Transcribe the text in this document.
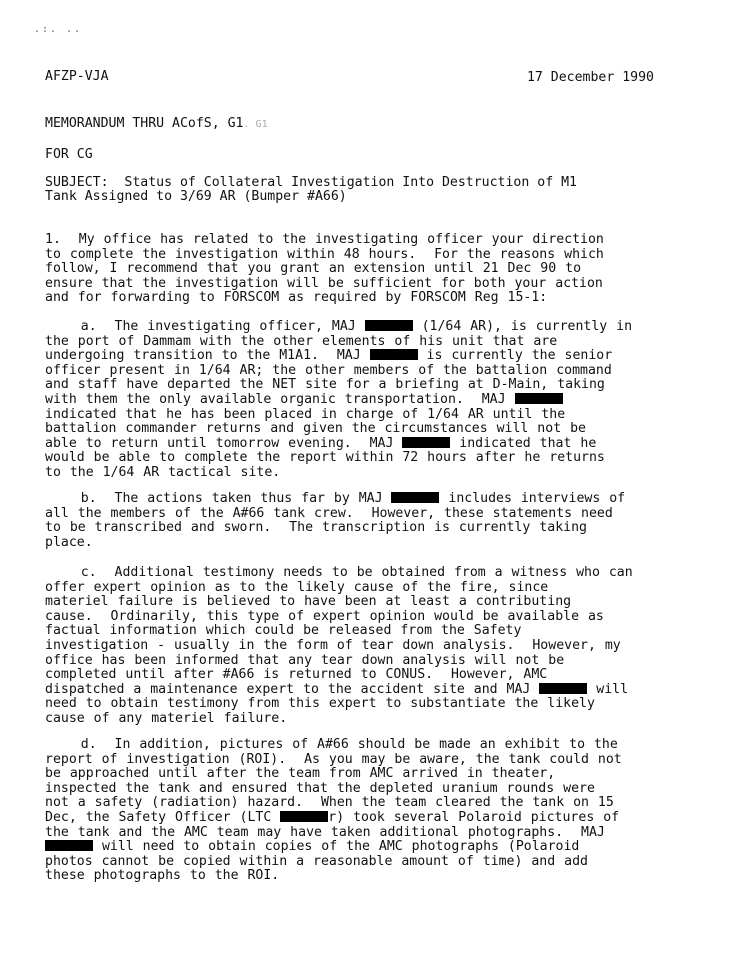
.:. ..
AFZP-VJA	17 December 1990
MEMORANDUM THRU ACofS, G1. G1
FOR CG
SUBJECT:  Status of Collateral Investigation Into Destruction of M1
Tank Assigned to 3/69 AR (Bumper #A66)
1.  My office has related to the investigating officer your direction
to complete the investigation within 48 hours.  For the reasons which
follow, I recommend that you grant an extension until 21 Dec 90 to
ensure that the investigation will be sufficient for both your action
and for forwarding to FORSCOM as required by FORSCOM Reg 15-1:
a.  The investigating officer, MAJ	(1/64 AR), is currently in
the port of Dammam with the other elements of his unit that are
undergoing transition to the M1A1.  MAJ	is currently the senior
officer present in 1/64 AR; the other members of the battalion command
and staff have departed the NET site for a briefing at D-Main, taking
with them the only available organic transportation.  MAJ
indicated that he has been placed in charge of 1/64 AR until the
battalion commander returns and given the circumstances will not be
able to return until tomorrow evening.  MAJ	indicated that he
would be able to complete the report within 72 hours after he returns
to the 1/64 AR tactical site.
b.  The actions taken thus far by MAJ	includes interviews of
all the members of the A#66 tank crew.  However, these statements need
to be transcribed and sworn.  The transcription is currently taking
place.
c.  Additional testimony needs to be obtained from a witness who can
offer expert opinion as to the likely cause of the fire, since
materiel failure is believed to have been at least a contributing
cause.  Ordinarily, this type of expert opinion would be available as
factual information which could be released from the Safety
investigation - usually in the form of tear down analysis.  However, my
office has been informed that any tear down analysis will not be
completed until after #A66 is returned to CONUS.  However, AMC
dispatched a maintenance expert to the accident site and MAJ	will
need to obtain testimony from this expert to substantiate the likely
cause of any materiel failure.
d.  In addition, pictures of A#66 should be made an exhibit to the
report of investigation (ROI).  As you may be aware, the tank could not
be approached until after the team from AMC arrived in theater,
inspected the tank and ensured that the depleted uranium rounds were
not a safety (radiation) hazard.  When the team cleared the tank on 15
Dec, the Safety Officer (LTC	r) took several Polaroid pictures of
the tank and the AMC team may have taken additional photographs.  MAJ
will need to obtain copies of the AMC photographs (Polaroid
photos cannot be copied within a reasonable amount of time) and add
these photographs to the ROI.
